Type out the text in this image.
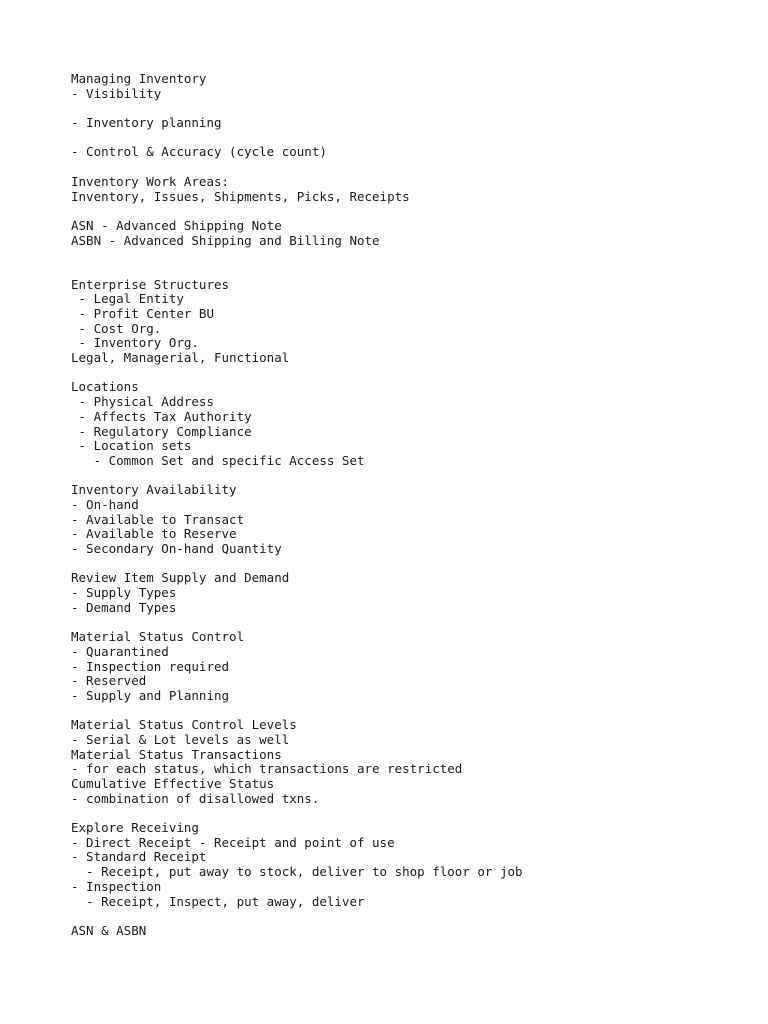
Managing Inventory
- Visibility
- Inventory planning
- Control & Accuracy (cycle count)
Inventory Work Areas:
Inventory, Issues, Shipments, Picks, Receipts
ASN - Advanced Shipping Note
ASBN - Advanced Shipping and Billing Note
Enterprise Structures
- Legal Entity
- Profit Center BU
- Cost Org.
- Inventory Org.
Legal, Managerial, Functional
Locations
- Physical Address
- Affects Tax Authority
- Regulatory Compliance
- Location sets
- Common Set and specific Access Set
Inventory Availability
- On-hand
- Available to Transact
- Available to Reserve
- Secondary On-hand Quantity
Review Item Supply and Demand
- Supply Types
- Demand Types
Material Status Control
- Quarantined
- Inspection required
- Reserved
- Supply and Planning
Material Status Control Levels
- Serial & Lot levels as well
Material Status Transactions
- for each status, which transactions are restricted
Cumulative Effective Status
- combination of disallowed txns.
Explore Receiving
- Direct Receipt - Receipt and point of use
- Standard Receipt
- Receipt, put away to stock, deliver to shop floor or job
- Inspection
- Receipt, Inspect, put away, deliver
ASN & ASBN
